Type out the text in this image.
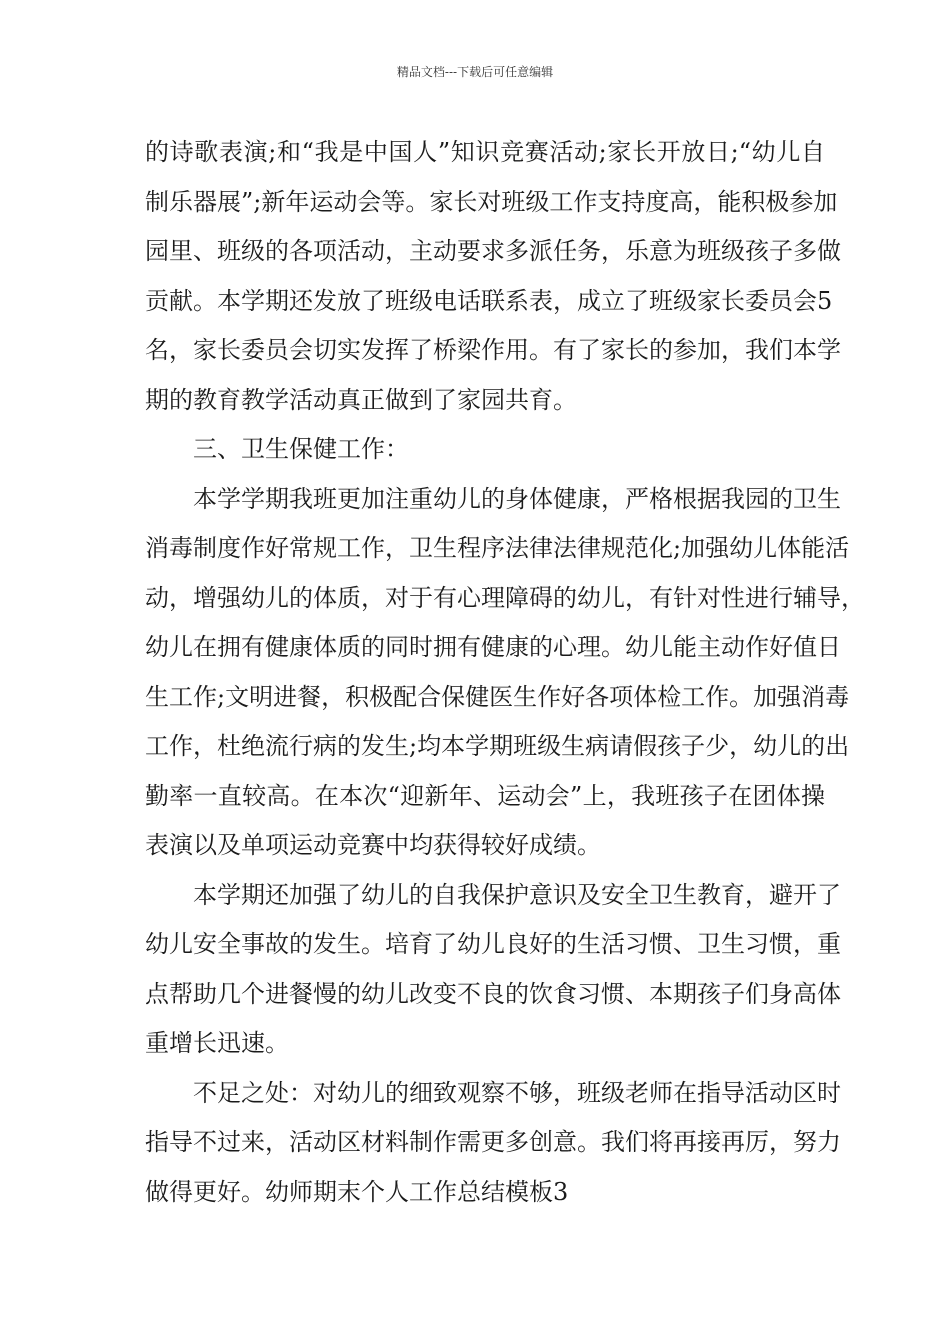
精品文档---下载后可任意编辑
的诗歌表演;和“我是中国人”知识竞赛活动;家长开放日;“幼儿自
制乐器展”;新年运动会等。家长对班级工作支持度高，能积极参加
园里、班级的各项活动，主动要求多派任务，乐意为班级孩子多做
贡献。本学期还发放了班级电话联系表，成立了班级家长委员会5
名，家长委员会切实发挥了桥梁作用。有了家长的参加，我们本学
期的教育教学活动真正做到了家园共育。
三、卫生保健工作：
本学学期我班更加注重幼儿的身体健康，严格根据我园的卫生
消毒制度作好常规工作，卫生程序法律法律规范化;加强幼儿体能活
动，增强幼儿的体质，对于有心理障碍的幼儿，有针对性进行辅导，
幼儿在拥有健康体质的同时拥有健康的心理。幼儿能主动作好值日
生工作;文明进餐，积极配合保健医生作好各项体检工作。加强消毒
工作，杜绝流行病的发生;均本学期班级生病请假孩子少，幼儿的出
勤率一直较高。在本次“迎新年、运动会”上，我班孩子在团体操
表演以及单项运动竞赛中均获得较好成绩。
本学期还加强了幼儿的自我保护意识及安全卫生教育，避开了
幼儿安全事故的发生。培育了幼儿良好的生活习惯、卫生习惯，重
点帮助几个进餐慢的幼儿改变不良的饮食习惯、本期孩子们身高体
重增长迅速。
不足之处：对幼儿的细致观察不够，班级老师在指导活动区时
指导不过来，活动区材料制作需更多创意。我们将再接再厉，努力
做得更好。幼师期末个人工作总结模板3
